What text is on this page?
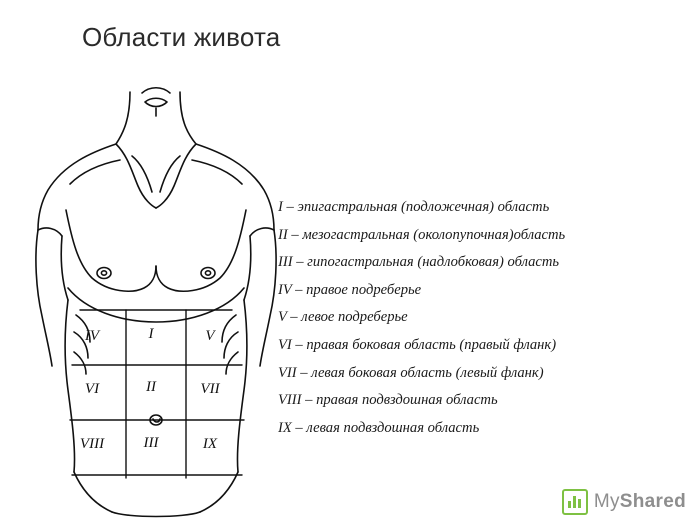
Области живота
IV	I	V
VI	II	VII
VIII	III	IX
I – эпигастральная (подложечная) область
II – мезогастральная (околопупочная)область
III – гипогастральная (надлобковая) область
IV – правое подреберье
V – левое подреберье
VI – правая боковая область (правый фланк)
VII – левая боковая область (левый фланк)
VIII – правая подвздошная область
IX – левая подвздошная область
MyShared
